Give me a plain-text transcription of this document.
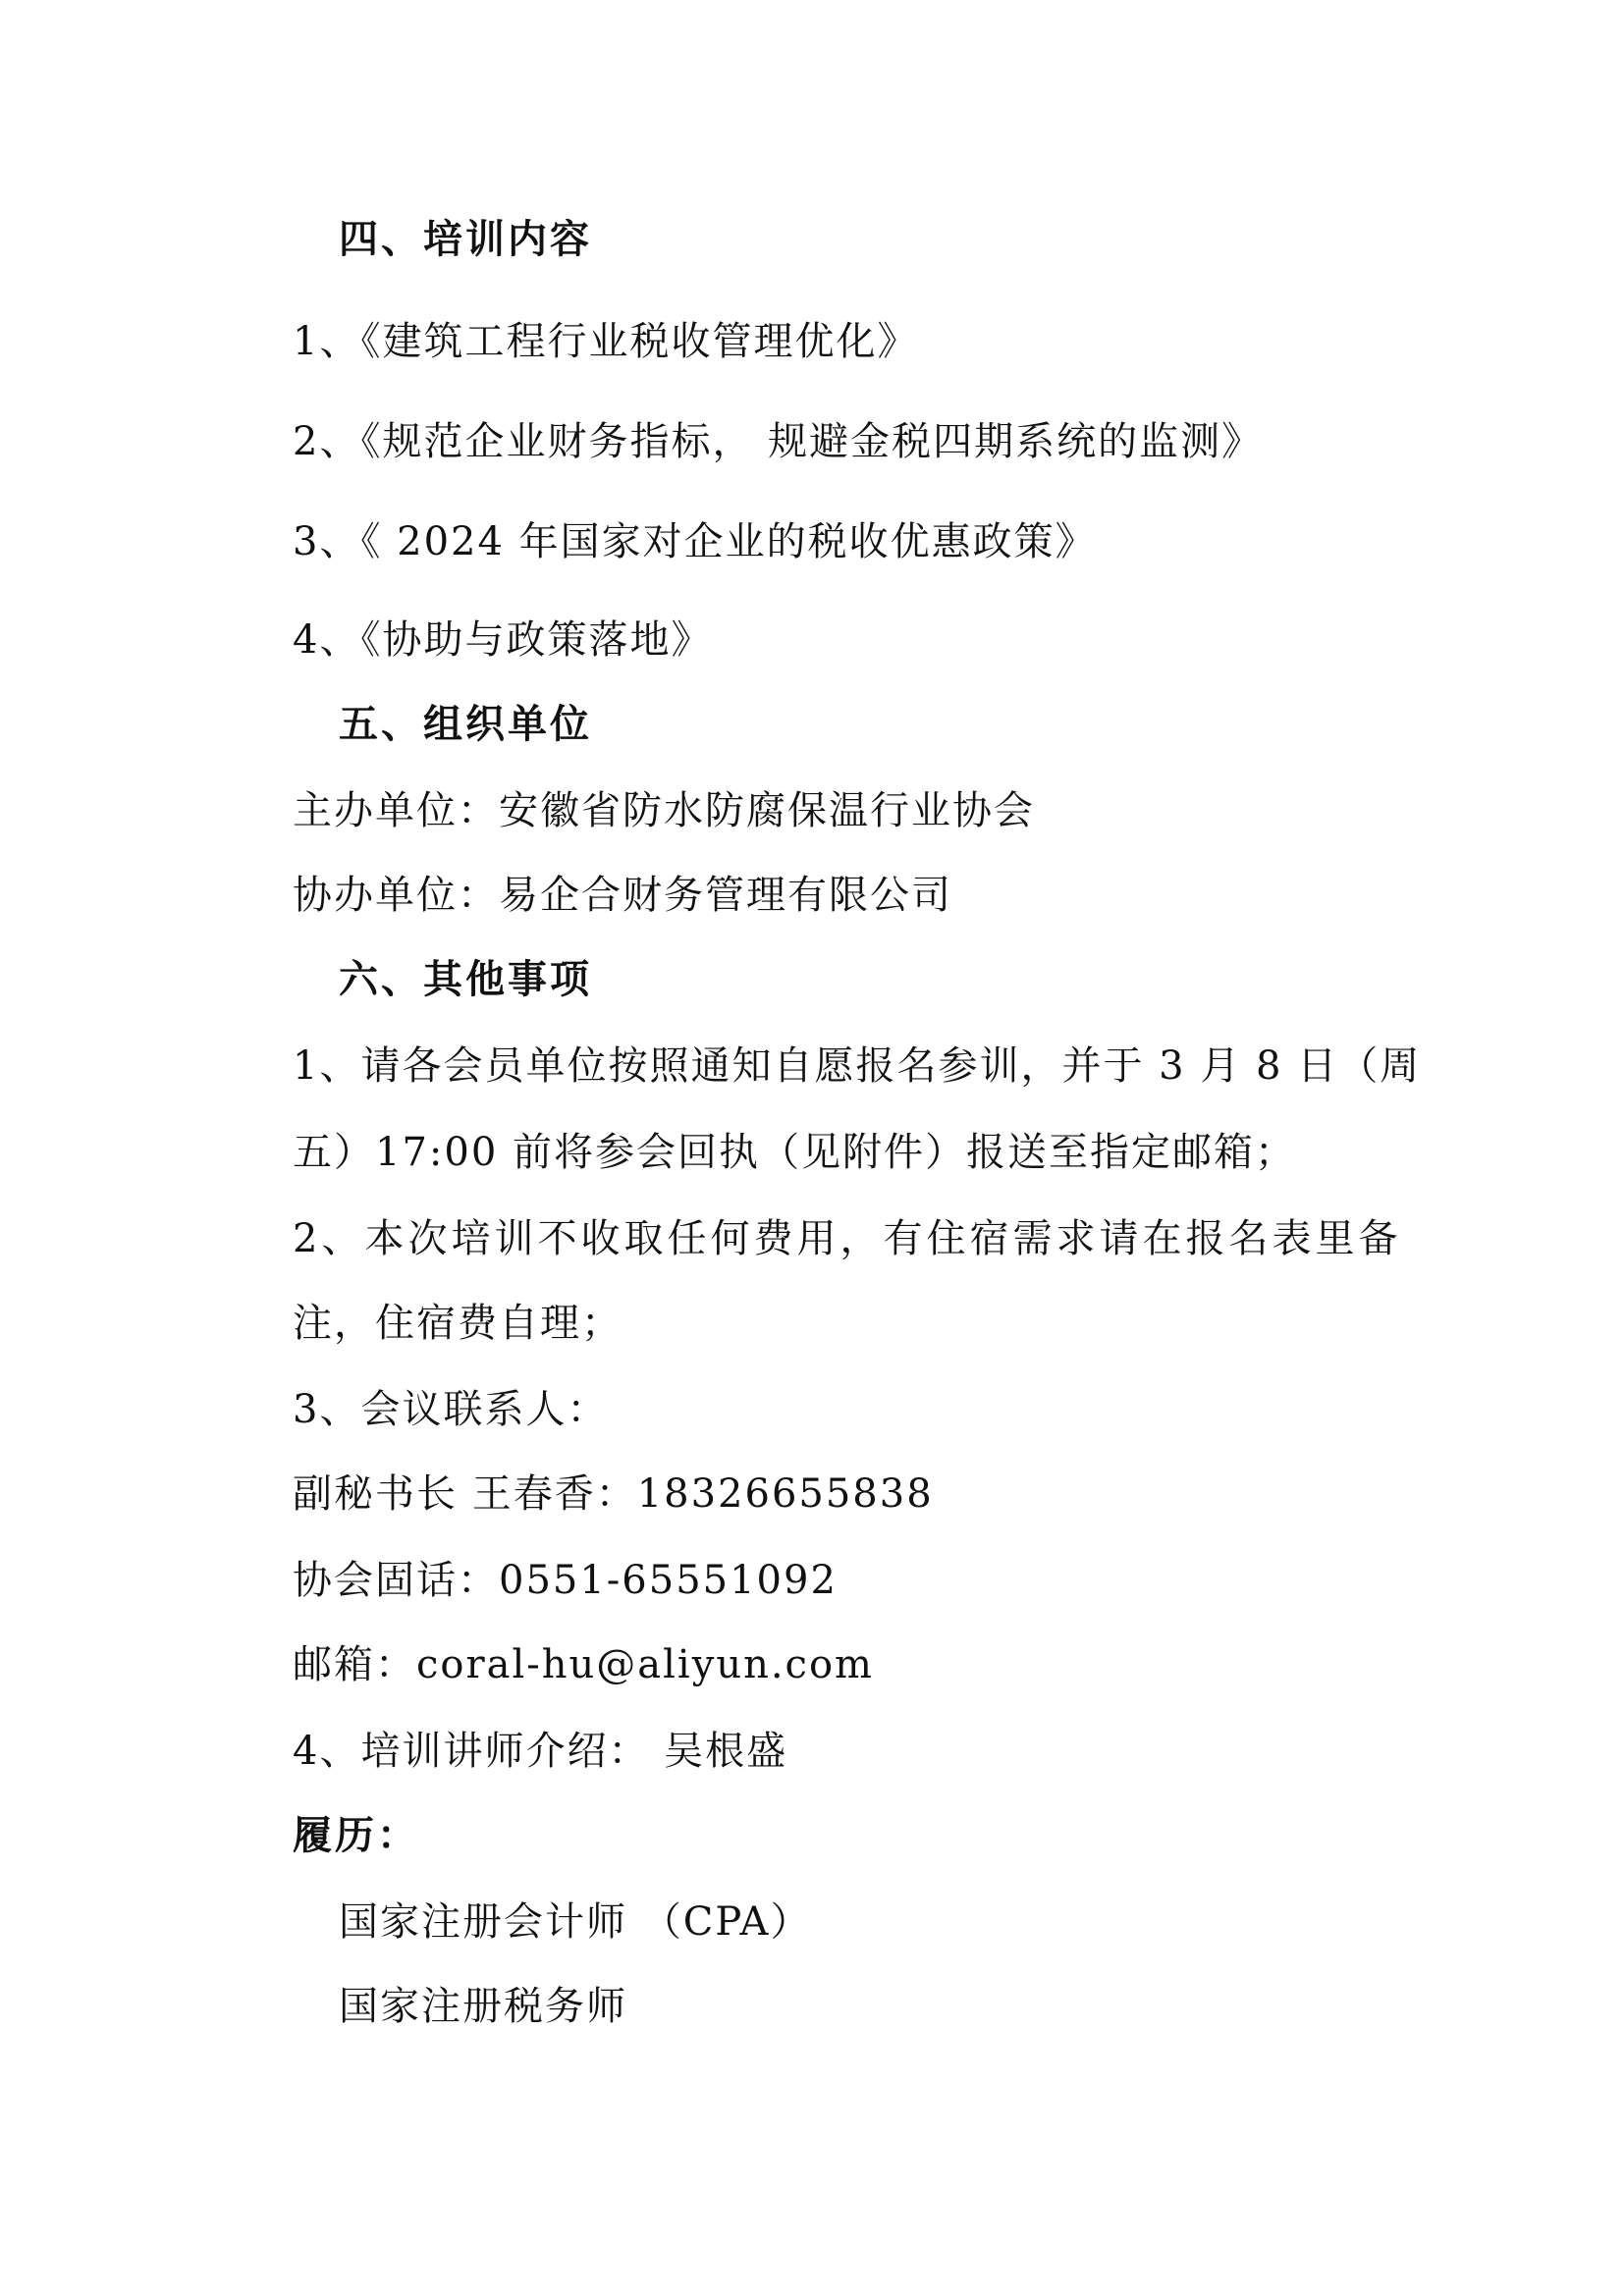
四、培训内容
1、《建筑工程行业税收管理优化》
2、《规范企业财务指标， 规避金税四期系统的监测》
3、《 2024 年国家对企业的税收优惠政策》
4、《协助与政策落地》
五、组织单位
主办单位：安徽省防水防腐保温行业协会
协办单位：易企合财务管理有限公司
六、其他事项
1、请各会员单位按照通知自愿报名参训，并于 3 月 8 日（周
五）17:00 前将参会回执（见附件）报送至指定邮箱；
2、本次培训不收取任何费用，有住宿需求请在报名表里备
注，住宿费自理；
3、会议联系人：
副秘书长 王春香：18326655838
协会固话：0551-65551092
邮箱：coral-hu@aliyun.com
4、培训讲师介绍： 吴根盛
履历：
国家注册会计师 （CPA）
国家注册税务师
